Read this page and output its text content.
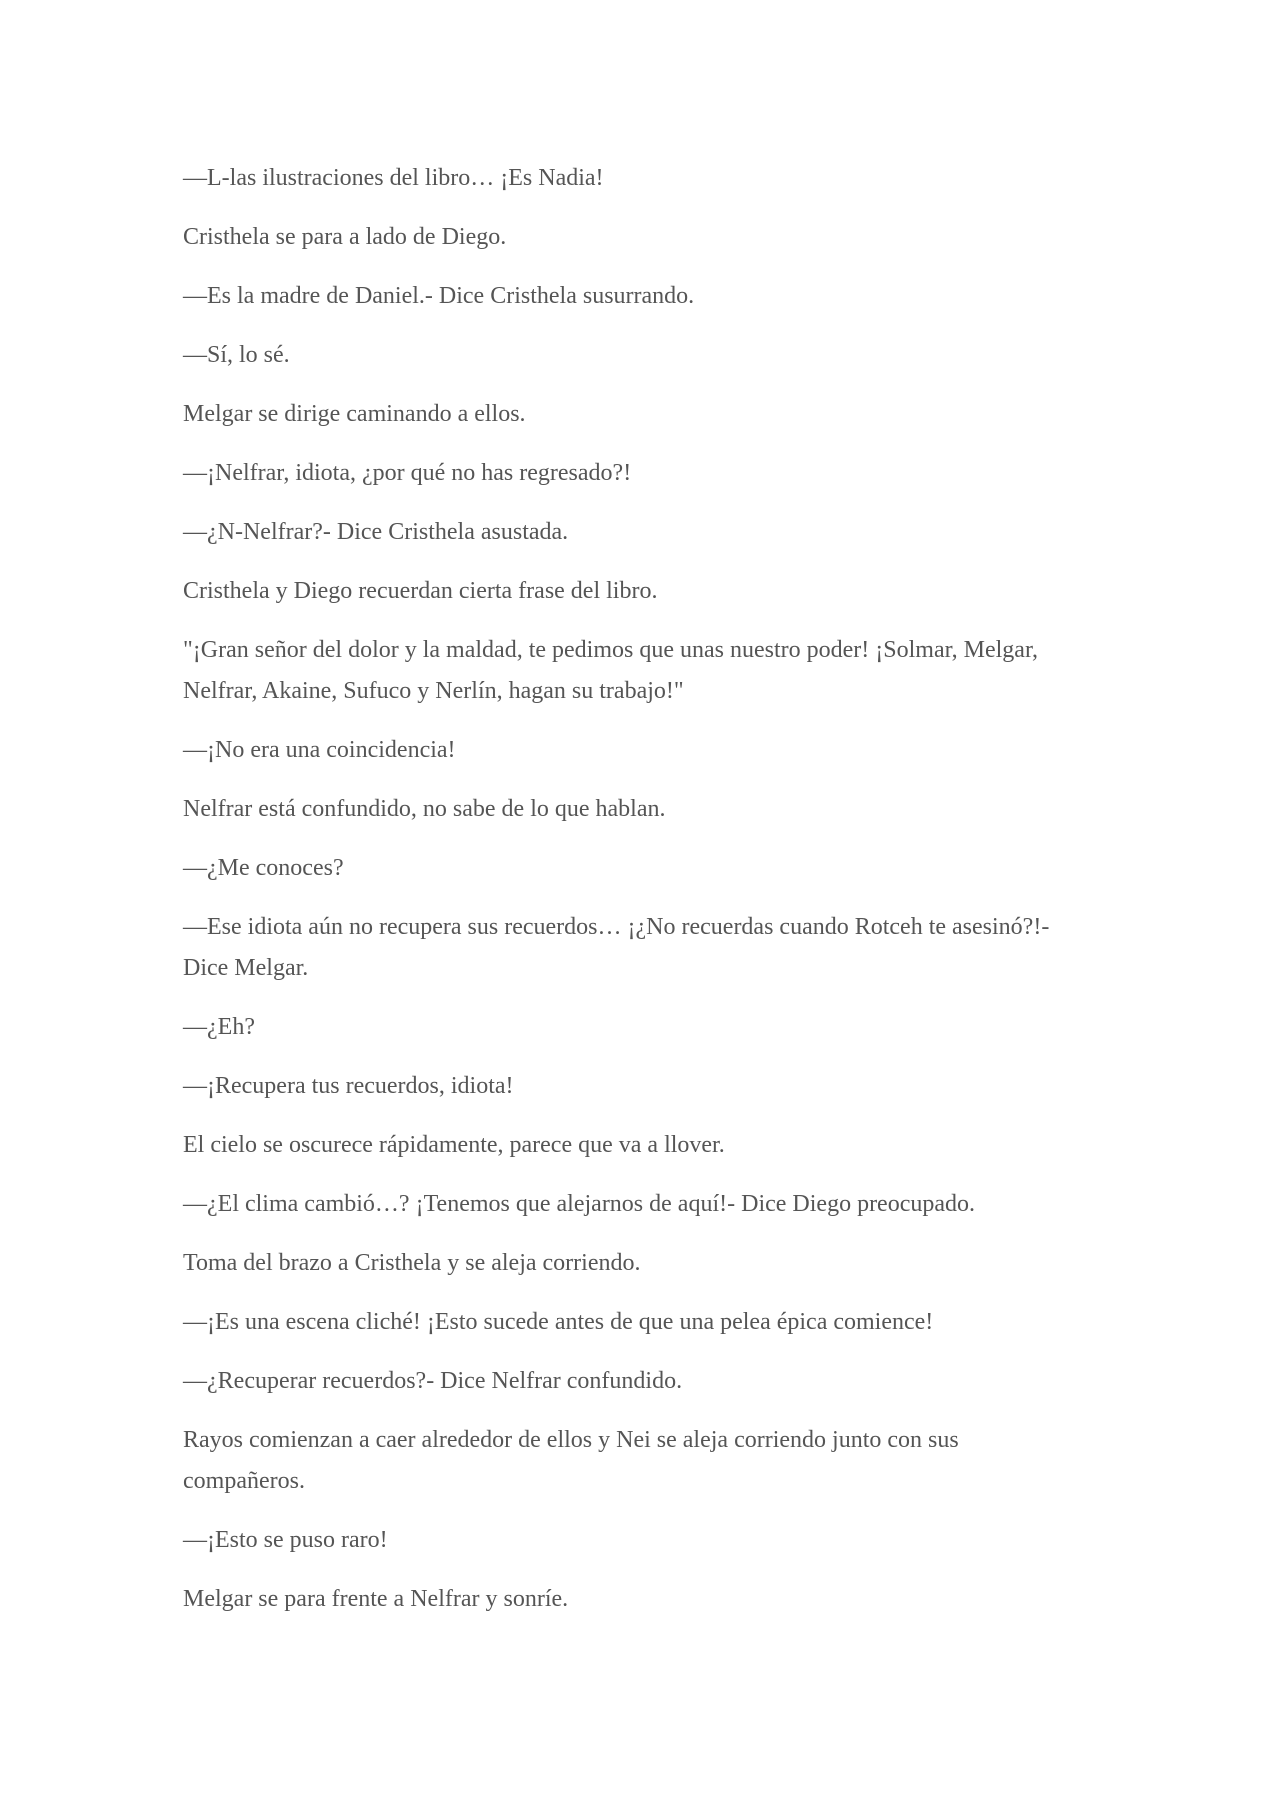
—L-las ilustraciones del libro… ¡Es Nadia!

Cristhela se para a lado de Diego.

—Es la madre de Daniel.- Dice Cristhela susurrando.

—Sí, lo sé.

Melgar se dirige caminando a ellos.

—¡Nelfrar, idiota, ¿por qué no has regresado?!

—¿N-Nelfrar?- Dice Cristhela asustada.

Cristhela y Diego recuerdan cierta frase del libro.

"¡Gran señor del dolor y la maldad, te pedimos que unas nuestro poder! ¡Solmar, Melgar, Nelfrar, Akaine, Sufuco y Nerlín, hagan su trabajo!"

—¡No era una coincidencia!

Nelfrar está confundido, no sabe de lo que hablan.

—¿Me conoces?

—Ese idiota aún no recupera sus recuerdos… ¡¿No recuerdas cuando Rotceh te asesinó?!- Dice Melgar.

—¿Eh?

—¡Recupera tus recuerdos, idiota!

El cielo se oscurece rápidamente, parece que va a llover.

—¿El clima cambió…? ¡Tenemos que alejarnos de aquí!- Dice Diego preocupado.

Toma del brazo a Cristhela y se aleja corriendo.

—¡Es una escena cliché! ¡Esto sucede antes de que una pelea épica comience!

—¿Recuperar recuerdos?- Dice Nelfrar confundido.

Rayos comienzan a caer alrededor de ellos y Nei se aleja corriendo junto con sus compañeros.

—¡Esto se puso raro!

Melgar se para frente a Nelfrar y sonríe.
